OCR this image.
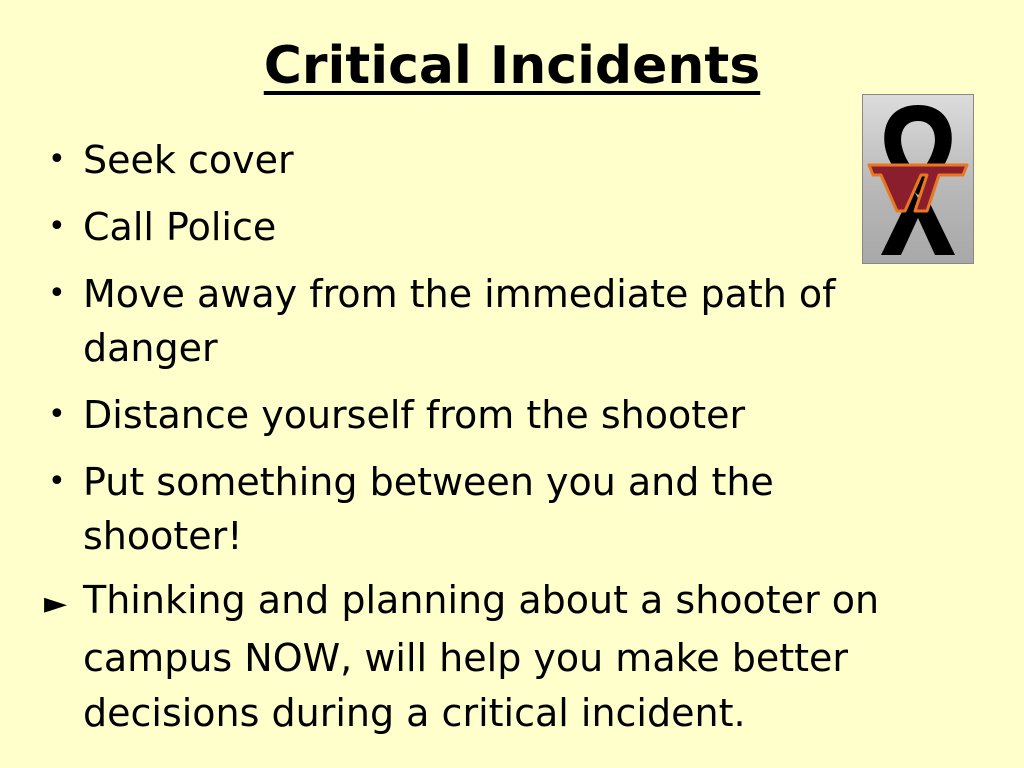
Critical Incidents
• Seek cover
• Call Police
• Move away from the immediate path of danger
• Distance yourself from the shooter
• Put something between you and the shooter!

► Thinking and planning about a shooter on campus NOW, will help you make better decisions during a critical incident.
